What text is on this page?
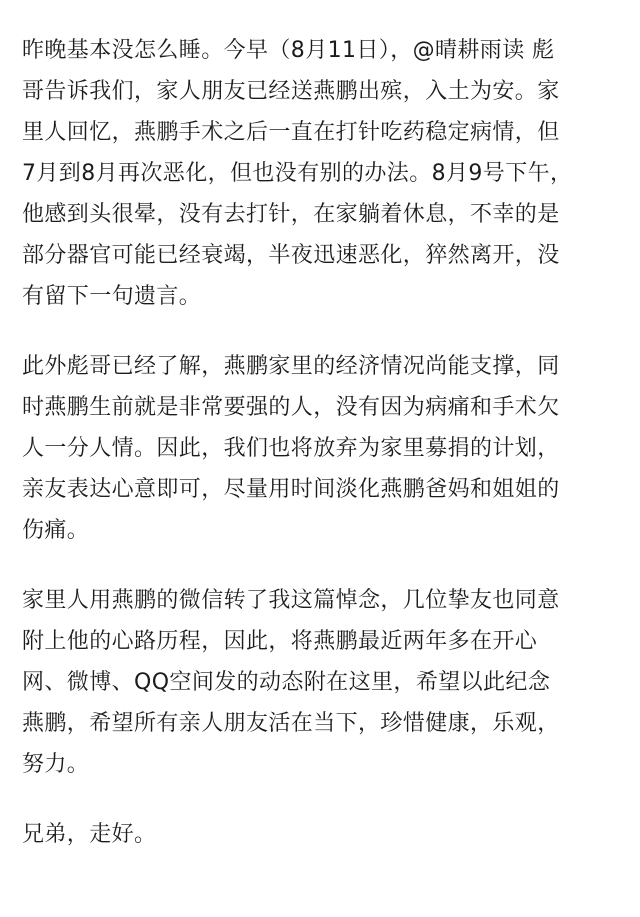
昨晚基本没怎么睡。今早（8月11日），@晴耕雨读 彪
哥告诉我们，家人朋友已经送燕鹏出殡，入土为安。家
里人回忆，燕鹏手术之后一直在打针吃药稳定病情，但
7月到8月再次恶化，但也没有别的办法。8月9号下午，
他感到头很晕，没有去打针，在家躺着休息，不幸的是
部分器官可能已经衰竭，半夜迅速恶化，猝然离开，没
有留下一句遗言。

此外彪哥已经了解，燕鹏家里的经济情况尚能支撑，同
时燕鹏生前就是非常要强的人，没有因为病痛和手术欠
人一分人情。因此，我们也将放弃为家里募捐的计划，
亲友表达心意即可，尽量用时间淡化燕鹏爸妈和姐姐的
伤痛。

家里人用燕鹏的微信转了我这篇悼念，几位挚友也同意
附上他的心路历程，因此，将燕鹏最近两年多在开心
网、微博、QQ空间发的动态附在这里，希望以此纪念
燕鹏，希望所有亲人朋友活在当下，珍惜健康，乐观，
努力。

兄弟，走好。
